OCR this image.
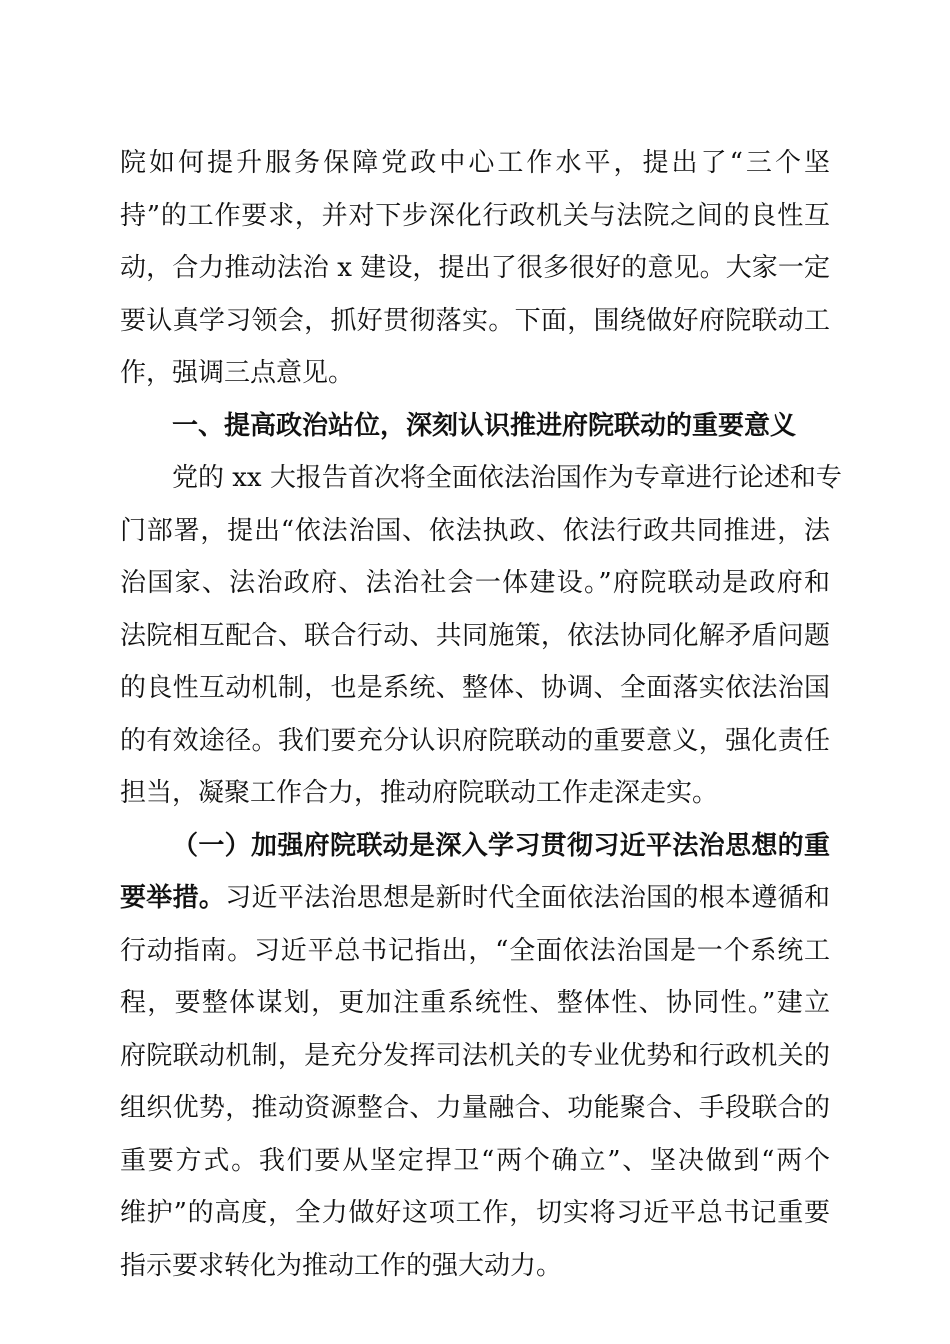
院如何提升服务保障党政中心工作水平，提出了“三个坚
持”的工作要求，并对下步深化行政机关与法院之间的良性互
动，合力推动法治 x 建设，提出了很多很好的意见。大家一定
要认真学习领会，抓好贯彻落实。下面，围绕做好府院联动工
作，强调三点意见。
一、提高政治站位，深刻认识推进府院联动的重要意义
党的 xx 大报告首次将全面依法治国作为专章进行论述和专
门部署，提出“依法治国、依法执政、依法行政共同推进，法
治国家、法治政府、法治社会一体建设。”府院联动是政府和
法院相互配合、联合行动、共同施策，依法协同化解矛盾问题
的良性互动机制，也是系统、整体、协调、全面落实依法治国
的有效途径。我们要充分认识府院联动的重要意义，强化责任
担当，凝聚工作合力，推动府院联动工作走深走实。
（一）加强府院联动是深入学习贯彻习近平法治思想的重
要举措。习近平法治思想是新时代全面依法治国的根本遵循和
行动指南。习近平总书记指出，“全面依法治国是一个系统工
程，要整体谋划，更加注重系统性、整体性、协同性。”建立
府院联动机制，是充分发挥司法机关的专业优势和行政机关的
组织优势，推动资源整合、力量融合、功能聚合、手段联合的
重要方式。我们要从坚定捍卫“两个确立”、坚决做到“两个
维护”的高度，全力做好这项工作，切实将习近平总书记重要
指示要求转化为推动工作的强大动力。
